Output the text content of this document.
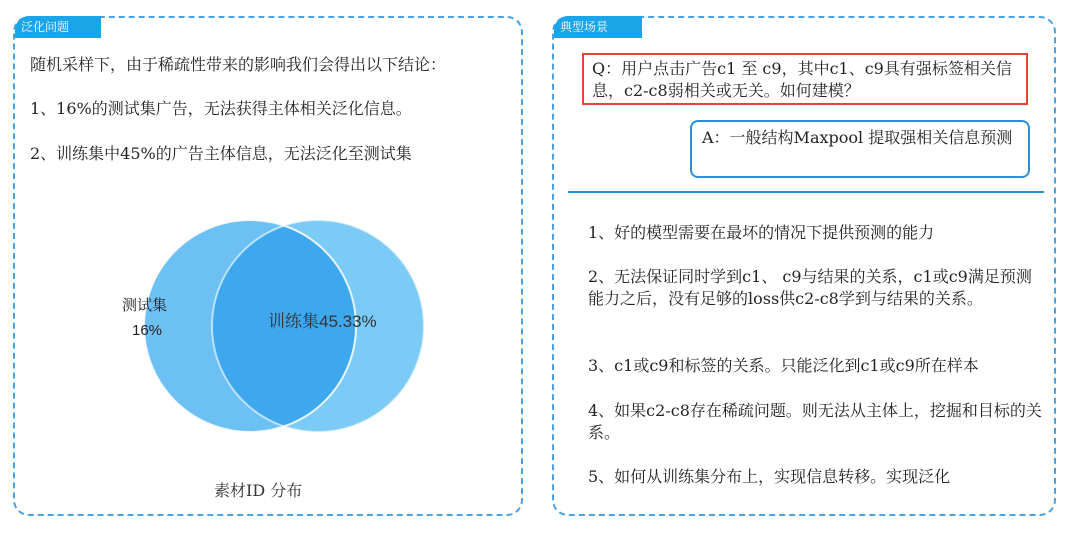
泛化问题
随机采样下，由于稀疏性带来的影响我们会得出以下结论：
1、16%的测试集广告，无法获得主体相关泛化信息。
2、训练集中45%的广告主体信息，无法泛化至测试集
测试集
16%	训练集45.33%
素材ID 分布
典型场景
Q：用户点击广告c1 至 c9，其中c1、c9具有强标签相关信息，c2-c8弱相关或无关。如何建模？
A：一般结构Maxpool 提取强相关信息预测
1、好的模型需要在最坏的情况下提供预测的能力
2、无法保证同时学到c1、 c9与结果的关系，c1或c9满足预测能力之后，没有足够的loss供c2-c8学到与结果的关系。
3、c1或c9和标签的关系。只能泛化到c1或c9所在样本
4、如果c2-c8存在稀疏问题。则无法从主体上，挖掘和目标的关系。
5、如何从训练集分布上，实现信息转移。实现泛化
